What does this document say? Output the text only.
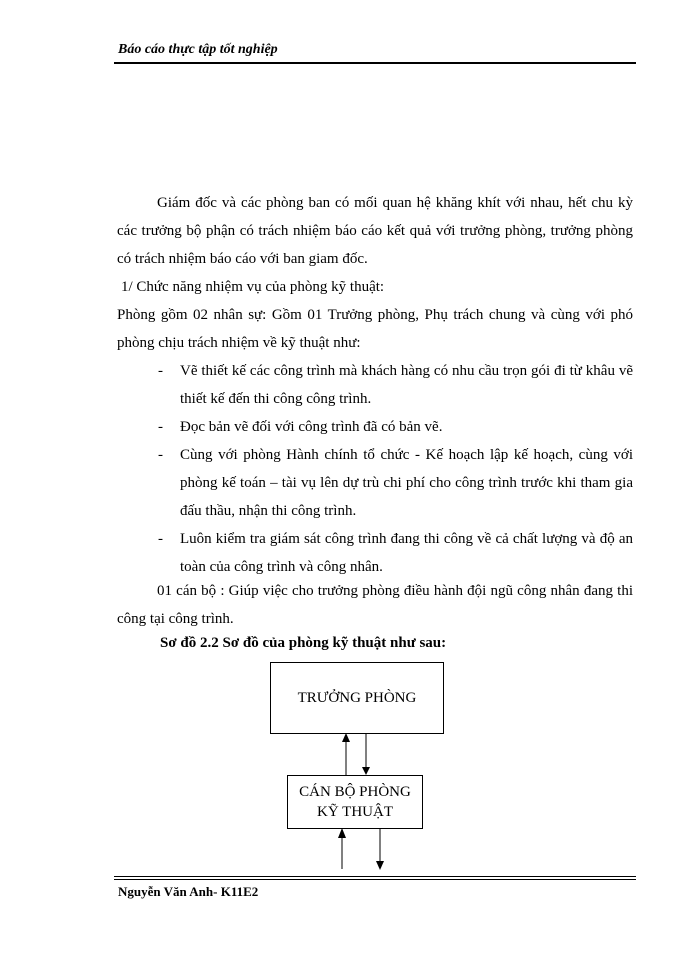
Báo cáo thực tập tốt nghiệp
Giám đốc và các phòng ban có mối quan hệ khăng khít với nhau, hết chu kỳ các trưởng bộ phận có trách nhiệm báo cáo kết quả với trưởng phòng, trưởng phòng có trách nhiệm báo cáo với ban giam đốc.
1/ Chức năng nhiệm vụ của phòng kỹ thuật:
Phòng gồm 02 nhân sự: Gồm 01 Trưởng phòng, Phụ trách chung và cùng với phó phòng chịu trách nhiệm về kỹ thuật như:
- Vẽ thiết kế các công trình mà khách hàng có nhu cầu trọn gói đi từ khâu vẽ thiết kế đến thi công công trình.
- Đọc bản vẽ đối với công trình đã có bản vẽ.
- Cùng với phòng Hành chính tổ chức - Kế hoạch lập kế hoạch, cùng với phòng kế toán – tài vụ lên dự trù chi phí cho công trình trước khi tham gia đấu thầu, nhận thi công trình.
- Luôn kiểm tra giám sát công trình đang thi công về cả chất lượng và độ an toàn của công trình và công nhân.
01 cán bộ : Giúp việc cho trưởng phòng điều hành đội ngũ công nhân đang thi công tại công trình.
Sơ đồ 2.2 Sơ đồ của phòng kỹ thuật như sau:
TRƯỞNG PHÒNG
CÁN BỘ PHÒNG
KỸ THUẬT
Nguyễn Văn Anh- K11E2
